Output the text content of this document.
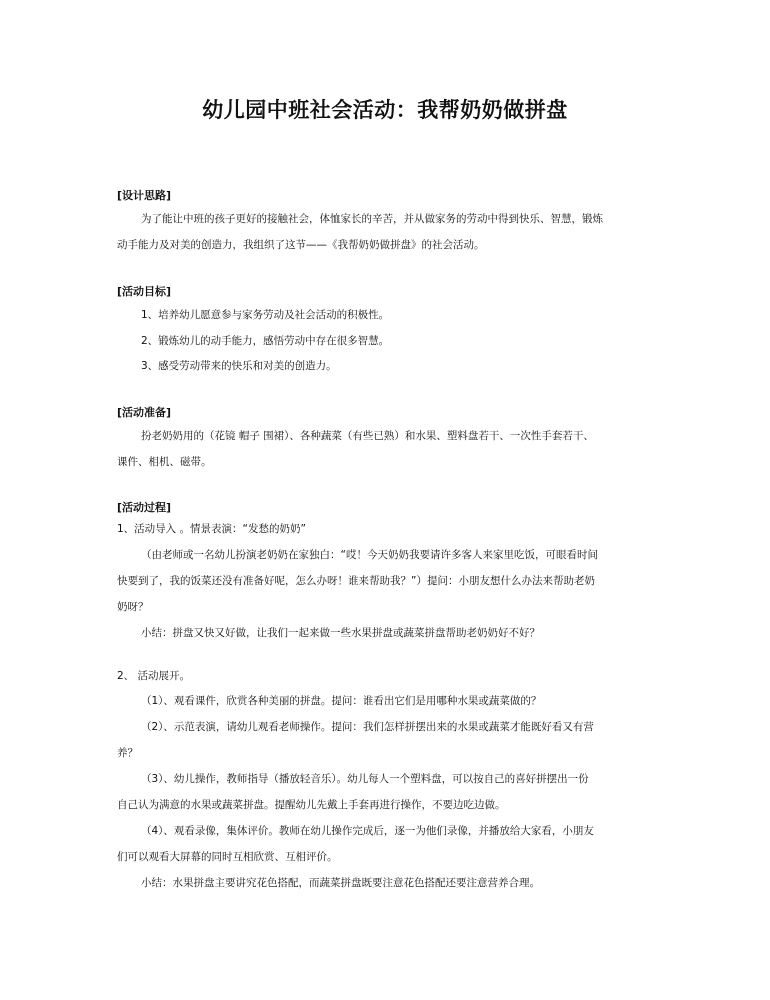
幼儿园中班社会活动：我帮奶奶做拼盘
[设计思路]
为了能让中班的孩子更好的接触社会，体恤家长的辛苦，并从做家务的劳动中得到快乐、智慧，锻炼
动手能力及对美的创造力，我组织了这节——《我帮奶奶做拼盘》的社会活动。
[活动目标]
1、培养幼儿愿意参与家务劳动及社会活动的积极性。
2、锻炼幼儿的动手能力，感悟劳动中存在很多智慧。
3、感受劳动带来的快乐和对美的创造力。
[活动准备]
扮老奶奶用的（花镜 帽子 围裙）、各种蔬菜（有些已熟）和水果、塑料盘若干、一次性手套若干、
课件、相机、磁带。
[活动过程]
1、活动导入 。情景表演：“发愁的奶奶”
（由老师或一名幼儿扮演老奶奶在家独白：“哎！今天奶奶我要请许多客人来家里吃饭，可眼看时间
快要到了，我的饭菜还没有准备好呢，怎么办呀！谁来帮助我？”）提问：小朋友想什么办法来帮助老奶
奶呀？
小结：拼盘又快又好做，让我们一起来做一些水果拼盘或蔬菜拼盘帮助老奶奶好不好？
2、 活动展开。
（1）、观看课件，欣赏各种美丽的拼盘。提问：谁看出它们是用哪种水果或蔬菜做的？
（2）、示范表演，请幼儿观看老师操作。提问：我们怎样拼摆出来的水果或蔬菜才能既好看又有营
养？
（3）、幼儿操作，教师指导（播放轻音乐）。幼儿每人一个塑料盘，可以按自己的喜好拼摆出一份
自己认为满意的水果或蔬菜拼盘。提醒幼儿先戴上手套再进行操作，不要边吃边做。
（4）、观看录像，集体评价。教师在幼儿操作完成后，逐一为他们录像，并播放给大家看，小朋友
们可以观看大屏幕的同时互相欣赏、互相评价。
小结：水果拼盘主要讲究花色搭配，而蔬菜拼盘既要注意花色搭配还要注意营养合理。
